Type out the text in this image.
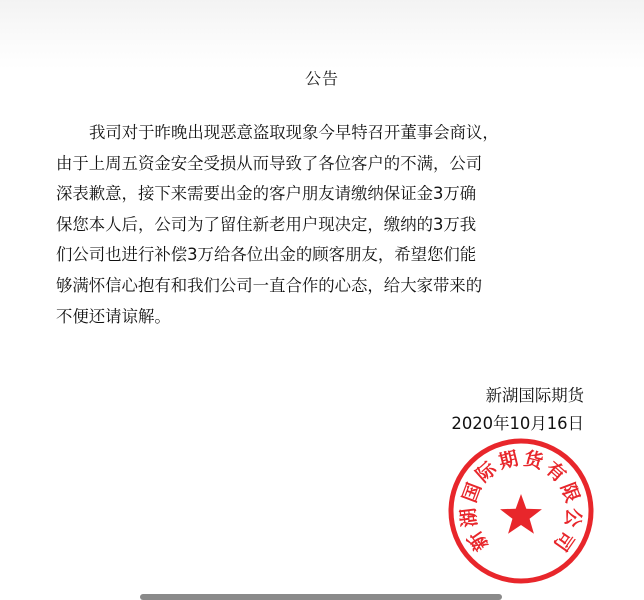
公告
我司对于昨晚出现恶意盗取现象今早特召开董事会商议，
由于上周五资金安全受损从而导致了各位客户的不满，公司
深表歉意，接下来需要出金的客户朋友请缴纳保证金3万确
保您本人后，公司为了留住新老用户现决定，缴纳的3万我
们公司也进行补偿3万给各位出金的顾客朋友，希望您们能
够满怀信心抱有和我们公司一直合作的心态，给大家带来的
不便还请谅解。
新湖国际期货
2020年10月16日
新
湖
国
际
期 货
有
限
公
司
